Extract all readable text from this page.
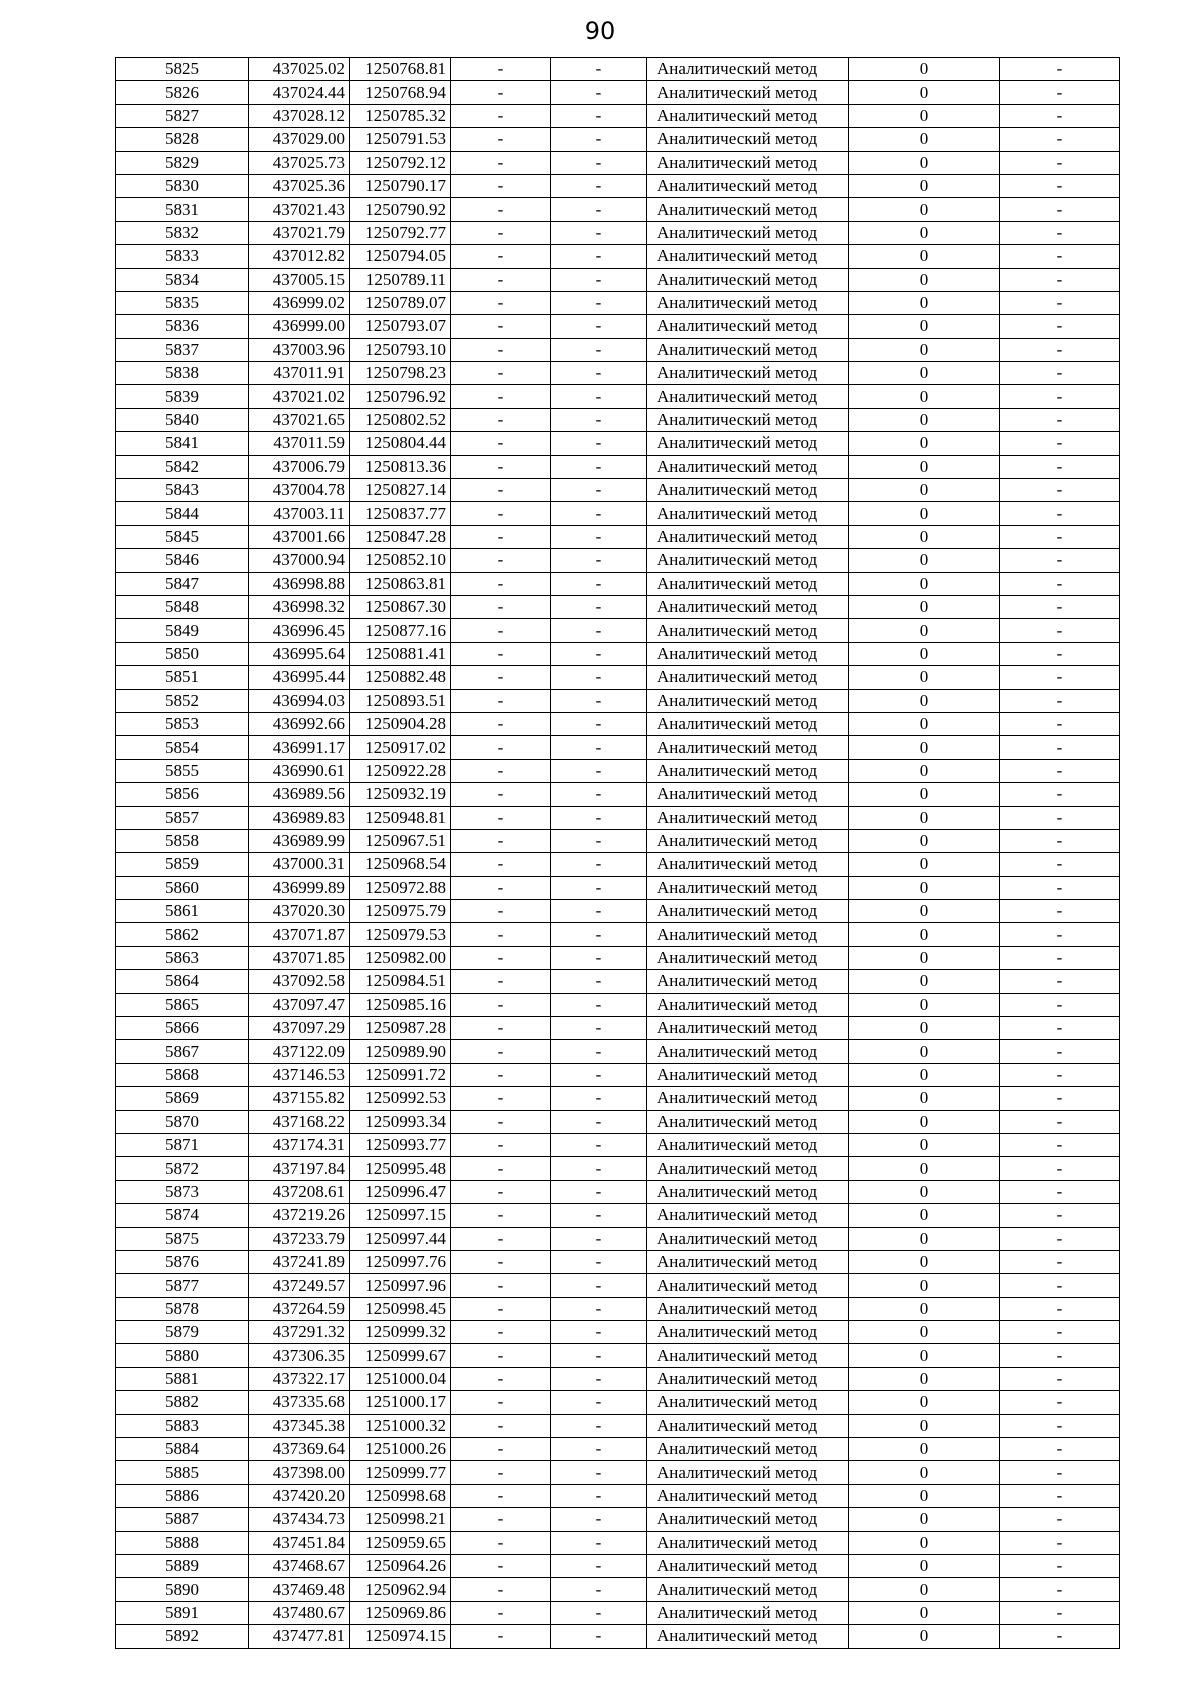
90
5825	437025.02	1250768.81	-	-	Аналитический метод	0	-
5826	437024.44	1250768.94	-	-	Аналитический метод	0	-
5827	437028.12	1250785.32	-	-	Аналитический метод	0	-
5828	437029.00	1250791.53	-	-	Аналитический метод	0	-
5829	437025.73	1250792.12	-	-	Аналитический метод	0	-
5830	437025.36	1250790.17	-	-	Аналитический метод	0	-
5831	437021.43	1250790.92	-	-	Аналитический метод	0	-
5832	437021.79	1250792.77	-	-	Аналитический метод	0	-
5833	437012.82	1250794.05	-	-	Аналитический метод	0	-
5834	437005.15	1250789.11	-	-	Аналитический метод	0	-
5835	436999.02	1250789.07	-	-	Аналитический метод	0	-
5836	436999.00	1250793.07	-	-	Аналитический метод	0	-
5837	437003.96	1250793.10	-	-	Аналитический метод	0	-
5838	437011.91	1250798.23	-	-	Аналитический метод	0	-
5839	437021.02	1250796.92	-	-	Аналитический метод	0	-
5840	437021.65	1250802.52	-	-	Аналитический метод	0	-
5841	437011.59	1250804.44	-	-	Аналитический метод	0	-
5842	437006.79	1250813.36	-	-	Аналитический метод	0	-
5843	437004.78	1250827.14	-	-	Аналитический метод	0	-
5844	437003.11	1250837.77	-	-	Аналитический метод	0	-
5845	437001.66	1250847.28	-	-	Аналитический метод	0	-
5846	437000.94	1250852.10	-	-	Аналитический метод	0	-
5847	436998.88	1250863.81	-	-	Аналитический метод	0	-
5848	436998.32	1250867.30	-	-	Аналитический метод	0	-
5849	436996.45	1250877.16	-	-	Аналитический метод	0	-
5850	436995.64	1250881.41	-	-	Аналитический метод	0	-
5851	436995.44	1250882.48	-	-	Аналитический метод	0	-
5852	436994.03	1250893.51	-	-	Аналитический метод	0	-
5853	436992.66	1250904.28	-	-	Аналитический метод	0	-
5854	436991.17	1250917.02	-	-	Аналитический метод	0	-
5855	436990.61	1250922.28	-	-	Аналитический метод	0	-
5856	436989.56	1250932.19	-	-	Аналитический метод	0	-
5857	436989.83	1250948.81	-	-	Аналитический метод	0	-
5858	436989.99	1250967.51	-	-	Аналитический метод	0	-
5859	437000.31	1250968.54	-	-	Аналитический метод	0	-
5860	436999.89	1250972.88	-	-	Аналитический метод	0	-
5861	437020.30	1250975.79	-	-	Аналитический метод	0	-
5862	437071.87	1250979.53	-	-	Аналитический метод	0	-
5863	437071.85	1250982.00	-	-	Аналитический метод	0	-
5864	437092.58	1250984.51	-	-	Аналитический метод	0	-
5865	437097.47	1250985.16	-	-	Аналитический метод	0	-
5866	437097.29	1250987.28	-	-	Аналитический метод	0	-
5867	437122.09	1250989.90	-	-	Аналитический метод	0	-
5868	437146.53	1250991.72	-	-	Аналитический метод	0	-
5869	437155.82	1250992.53	-	-	Аналитический метод	0	-
5870	437168.22	1250993.34	-	-	Аналитический метод	0	-
5871	437174.31	1250993.77	-	-	Аналитический метод	0	-
5872	437197.84	1250995.48	-	-	Аналитический метод	0	-
5873	437208.61	1250996.47	-	-	Аналитический метод	0	-
5874	437219.26	1250997.15	-	-	Аналитический метод	0	-
5875	437233.79	1250997.44	-	-	Аналитический метод	0	-
5876	437241.89	1250997.76	-	-	Аналитический метод	0	-
5877	437249.57	1250997.96	-	-	Аналитический метод	0	-
5878	437264.59	1250998.45	-	-	Аналитический метод	0	-
5879	437291.32	1250999.32	-	-	Аналитический метод	0	-
5880	437306.35	1250999.67	-	-	Аналитический метод	0	-
5881	437322.17	1251000.04	-	-	Аналитический метод	0	-
5882	437335.68	1251000.17	-	-	Аналитический метод	0	-
5883	437345.38	1251000.32	-	-	Аналитический метод	0	-
5884	437369.64	1251000.26	-	-	Аналитический метод	0	-
5885	437398.00	1250999.77	-	-	Аналитический метод	0	-
5886	437420.20	1250998.68	-	-	Аналитический метод	0	-
5887	437434.73	1250998.21	-	-	Аналитический метод	0	-
5888	437451.84	1250959.65	-	-	Аналитический метод	0	-
5889	437468.67	1250964.26	-	-	Аналитический метод	0	-
5890	437469.48	1250962.94	-	-	Аналитический метод	0	-
5891	437480.67	1250969.86	-	-	Аналитический метод	0	-
5892	437477.81	1250974.15	-	-	Аналитический метод	0	-
